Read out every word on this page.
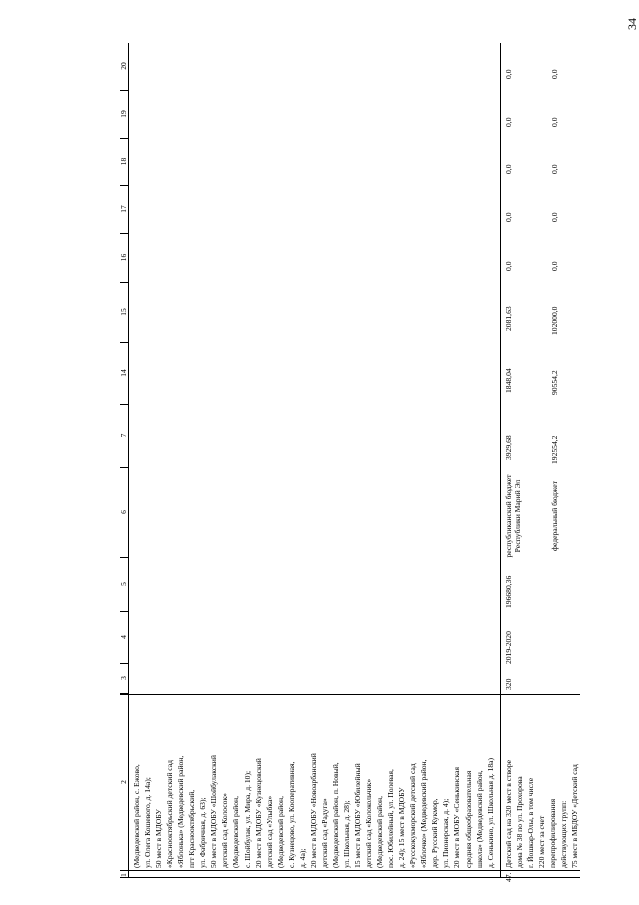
34
1
2
3
4
5
6
7
14
15
16
17
18
19
20
(Медведевский район, с. Ежово, ул. Олега Кошевого, д. 14а); 50 мест в МДОБУ «Краснооктябрьский детский сад «Яблонька» (Медведевский район, пгт Краснооктябрьский, ул. Фабричная, д. 63); 50 мест в МДОБУ «Шойбулакский детский сад «Колосок» (Медведевский район, с. Шойбулак, ул. Мира, д. 10); 20 мест в МДОБУ «Кузнецовский детский сад «Улыбка» (Медведевский район, с. Кузнецово, ул. Кооперативная, д. 4а); 20 мест в МДОБУ «Новоарбанский детский сад «Радуга» (Медведевский район, п. Новый, ул. Школьная, д. 28); 15 мест в МДОБУ «Юбилейный детский сад «Колокольчик» (Медведевский район, пос. Юбилейный, ул. Полевая, д. 24); 15 мест в МДОБУ «Русскокукморский детский сад «Яблочко» (Медведевский район, дер. Русский Кукмор, ул. Пионерская, д. 4); 20 мест в МОБУ «Сенькинская средняя общеобразовательная школа» (Медведевский район, д. Сенькино, ул. Школьная д. 18а)
47.
Детский сад на 320 мест в створе дома № 38 по ул. Прохорова г. Йошкар-Олы, в том числе 220 мест за счет перепрофилирования действующих групп: 75 мест в МБДОУ «Детский сад
320
2019-2020
196680,36
республиканский бюджет Республики Марий Эл
3929,68
1848,04
2081,63
0,0
0,0
0,0
0,0
0,0
федеральный бюджет
192554,2
90554,2
102000,0
0,0
0,0
0,0
0,0
0,0
